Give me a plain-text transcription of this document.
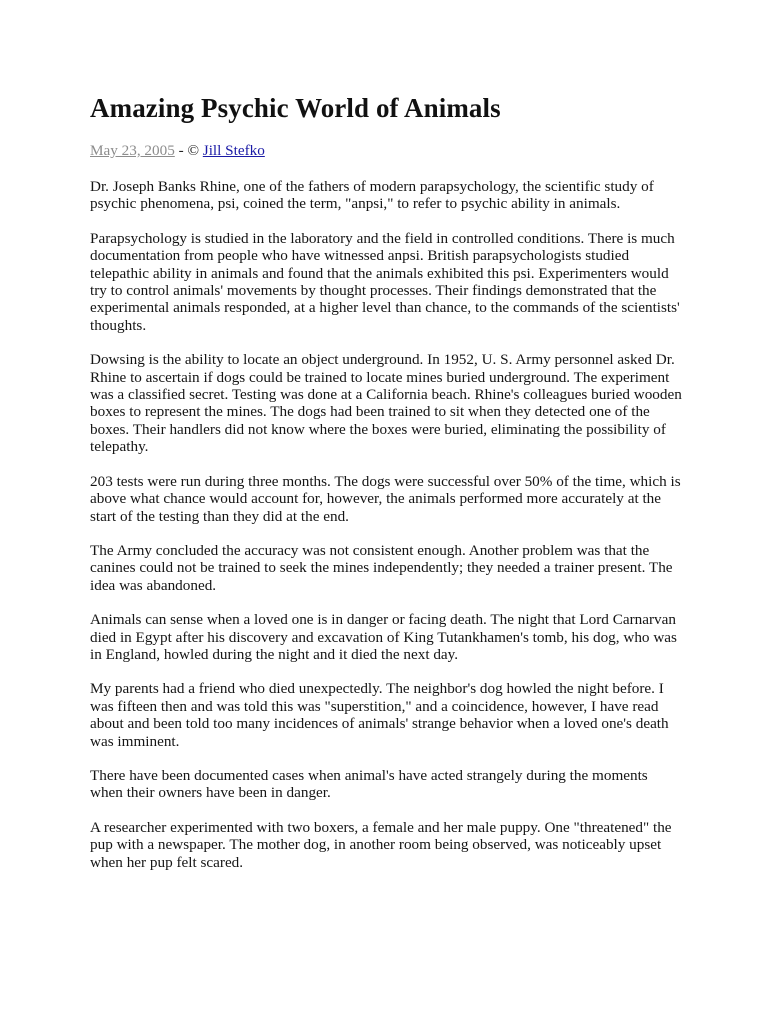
Amazing Psychic World of Animals
May 23, 2005 - © Jill Stefko

Dr. Joseph Banks Rhine, one of the fathers of modern parapsychology, the scientific study of psychic phenomena, psi, coined the term, "anpsi," to refer to psychic ability in animals.

Parapsychology is studied in the laboratory and the field in controlled conditions. There is much documentation from people who have witnessed anpsi. British parapsychologists studied telepathic ability in animals and found that the animals exhibited this psi. Experimenters would try to control animals' movements by thought processes. Their findings demonstrated that the experimental animals responded, at a higher level than chance, to the commands of the scientists' thoughts.

Dowsing is the ability to locate an object underground. In 1952, U. S. Army personnel asked Dr. Rhine to ascertain if dogs could be trained to locate mines buried underground. The experiment was a classified secret. Testing was done at a California beach. Rhine's colleagues buried wooden boxes to represent the mines. The dogs had been trained to sit when they detected one of the boxes. Their handlers did not know where the boxes were buried, eliminating the possibility of telepathy.

203 tests were run during three months. The dogs were successful over 50% of the time, which is above what chance would account for, however, the animals performed more accurately at the start of the testing than they did at the end.

The Army concluded the accuracy was not consistent enough. Another problem was that the canines could not be trained to seek the mines independently; they needed a trainer present. The idea was abandoned.

Animals can sense when a loved one is in danger or facing death. The night that Lord Carnarvan died in Egypt after his discovery and excavation of King Tutankhamen's tomb, his dog, who was in England, howled during the night and it died the next day.

My parents had a friend who died unexpectedly. The neighbor's dog howled the night before. I was fifteen then and was told this was "superstition," and a coincidence, however, I have read about and been told too many incidences of animals' strange behavior when a loved one's death was imminent.

There have been documented cases when animal's have acted strangely during the moments when their owners have been in danger.

A researcher experimented with two boxers, a female and her male puppy. One "threatened" the pup with a newspaper. The mother dog, in another room being observed, was noticeably upset when her pup felt scared.
